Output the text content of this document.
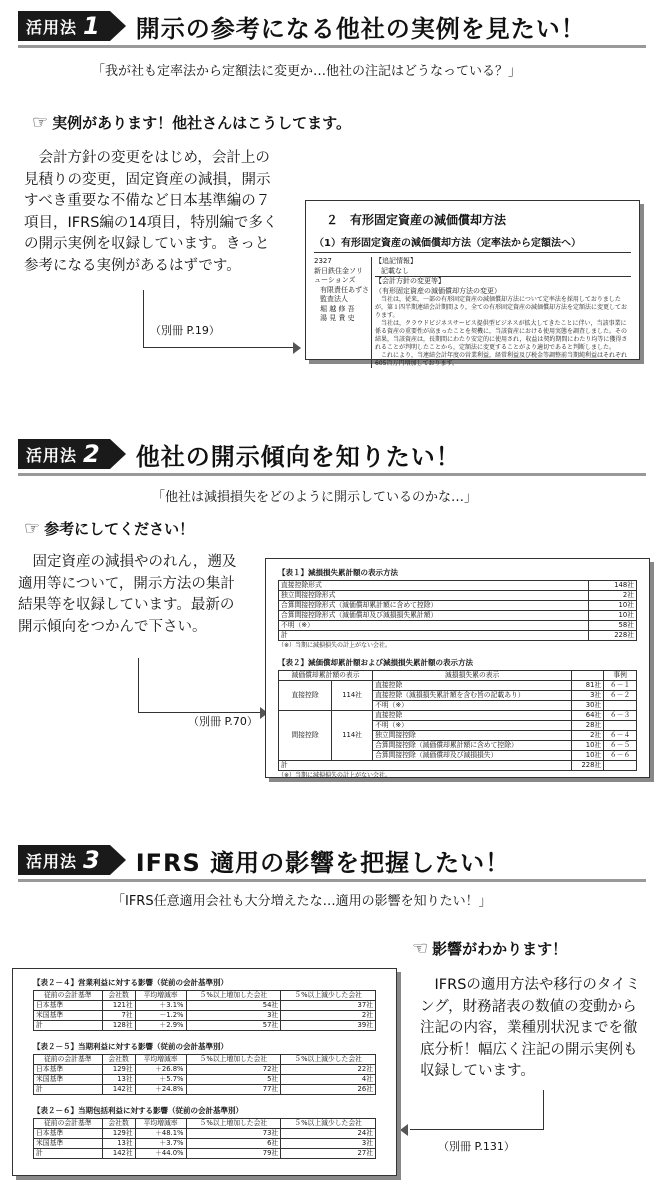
活用法 1 開示の参考になる他社の実例を見たい！
「我が社も定率法から定額法に変更か…他社の注記はどうなっている？」
☞ 実例があります！他社さんはこうしてます。
会計方針の変更をはじめ，会計上の見積りの変更，固定資産の減損，開示すべき重要な不備など日本基準編の７項目，IFRS編の14項目，特別編で多くの開示実例を収録しています。きっと参考になる実例があるはずです。
（別冊 P.19）
２　有形固定資産の減価償却方法
（1）有形固定資産の減価償却方法（定率法から定額法へ）
2327
新日鉄住金ソリューションズ
有限責任あずさ
監査法人
堀 越 修 吾
湯 見 貴 史
【追記情報】
記載なし
【会計方針の変更等】
（有形固定資産の減価償却方法の変更）
当社は，従来，一部の有形固定資産の減価償却方法について定率法を採用しておりましたが，第１四半期連結会計期間より，全ての有形固定資産の減価償却方法を定額法に変更しております。
当社は，クラウドビジネスサービス提供型ビジネスが拡大してきたことに伴い，当該事業に係る資産の重要性が高まったことを契機に，当該資産における使用実態を調査しました。その結果，当該資産は，長期間にわたり安定的に使用され，収益は契約期間にわたり均等に獲得されることが判明したことから，定額法に変更することがより適切であると判断しました。
これにより，当連結会計年度の営業利益，経常利益及び税金等調整前当期純利益はそれぞれ605百万円増加しております。
活用法 2 他社の開示傾向を知りたい！
「他社は減損損失をどのように開示しているのかな…」
☞ 参考にしてください！
固定資産の減損やのれん，遡及適用等について，開示方法の集計結果等を収録しています。最新の開示傾向をつかんで下さい。
（別冊 P.70）
【表１】減損損失累計額の表示方法
直接控除形式	148社
独立間接控除形式	2社
合算間接控除形式（減価償却累計額に含めて控除）	10社
合算間接控除形式（減価償却及び減損損失累計額）	10社
不明（※）	58社
計	228社
（※）当期に減損損失の計上がない会社。
【表２】減価償却累計額および減損損失累計額の表示方法
減価償却累計額の表示		減損損失累の表示		事例
直接控除	114社	直接控除	81社	６－１
		直接控除（減損損失累計額を含む旨の記載あり）	3社	６－２
		不明（※）	30社	
間接控除	114社	直接控除	64社	６－３
		不明（※）	28社	
		独立間接控除	2社	６－４
		合算間接控除（減価償却累計額に含めて控除）	10社	６－５
		合算間接控除（減価償却及び減損損失）	10社	６－６
計			228社	
（※）当期に減損損失の計上がない会社。
活用法 3 IFRS 適用の影響を把握したい！
「IFRS任意適用会社も大分増えたな…適用の影響を知りたい！」
☜ 影響がわかります！
IFRSの適用方法や移行のタイミング，財務諸表の数値の変動から注記の内容，業種別状況までを徹底分析！幅広く注記の開示実例も収録しています。
（別冊 P.131）
【表２－４】営業利益に対する影響（従前の会計基準別）
従前の会計基準	会社数	平均増減率	５%以上増加した会社	５%以上減少した会社
日本基準	121社	＋3.1%	54社	37社
米国基準	7社	－1.2%	3社	2社
計	128社	＋2.9%	57社	39社
【表２－５】当期利益に対する影響（従前の会計基準別）
従前の会計基準	会社数	平均増減率	５%以上増加した会社	５%以上減少した会社
日本基準	129社	＋26.8%	72社	22社
米国基準	13社	＋5.7%	5社	4社
計	142社	＋24.8%	77社	26社
【表２－６】当期包括利益に対する影響（従前の会計基準別）
従前の会計基準	会社数	平均増減率	５%以上増加した会社	５%以上減少した会社
日本基準	129社	＋48.1%	73社	24社
米国基準	13社	＋3.7%	6社	3社
計	142社	＋44.0%	79社	27社
